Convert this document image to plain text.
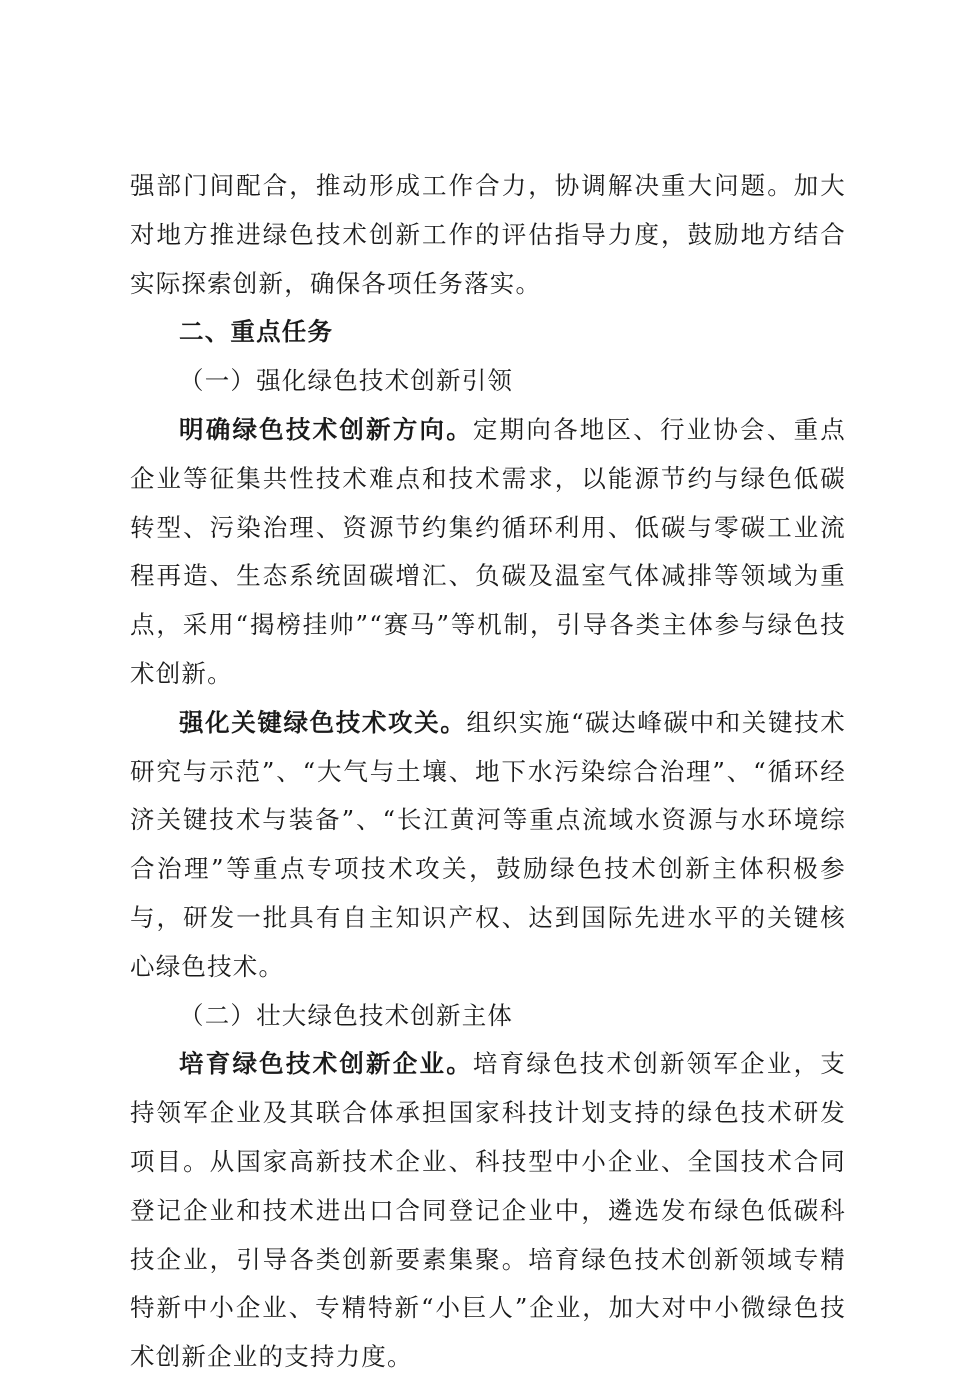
强部门间配合，推动形成工作合力，协调解决重大问题。加大对地方推进绿色技术创新工作的评估指导力度，鼓励地方结合实际探索创新，确保各项任务落实。

二、重点任务

（一）强化绿色技术创新引领

明确绿色技术创新方向。定期向各地区、行业协会、重点企业等征集共性技术难点和技术需求，以能源节约与绿色低碳转型、污染治理、资源节约集约循环利用、低碳与零碳工业流程再造、生态系统固碳增汇、负碳及温室气体减排等领域为重点，采用“揭榜挂帅”“赛马”等机制，引导各类主体参与绿色技术创新。

强化关键绿色技术攻关。组织实施“碳达峰碳中和关键技术研究与示范”、“大气与土壤、地下水污染综合治理”、“循环经济关键技术与装备”、“长江黄河等重点流域水资源与水环境综合治理”等重点专项技术攻关，鼓励绿色技术创新主体积极参与，研发一批具有自主知识产权、达到国际先进水平的关键核心绿色技术。

（二）壮大绿色技术创新主体

培育绿色技术创新企业。培育绿色技术创新领军企业，支持领军企业及其联合体承担国家科技计划支持的绿色技术研发项目。从国家高新技术企业、科技型中小企业、全国技术合同登记企业和技术进出口合同登记企业中，遴选发布绿色低碳科技企业，引导各类创新要素集聚。培育绿色技术创新领域专精特新中小企业、专精特新“小巨人”企业，加大对中小微绿色技术创新企业的支持力度。
